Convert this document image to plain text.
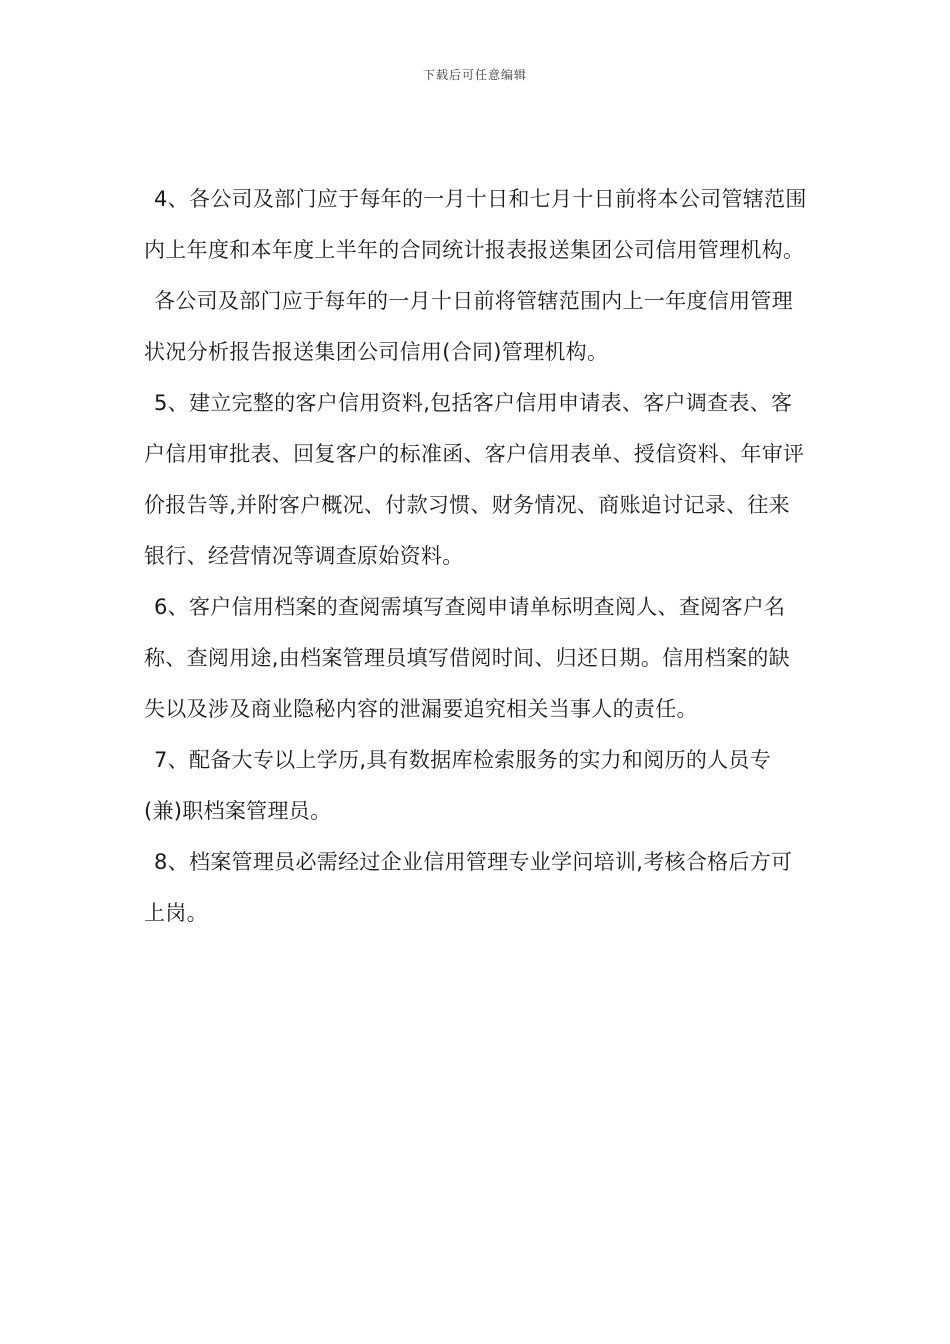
下载后可任意编辑

4、各公司及部门应于每年的一月十日和七月十日前将本公司管辖范围内上年度和本年度上半年的合同统计报表报送集团公司信用管理机构。

各公司及部门应于每年的一月十日前将管辖范围内上一年度信用管理状况分析报告报送集团公司信用(合同)管理机构。

5、建立完整的客户信用资料,包括客户信用申请表、客户调查表、客户信用审批表、回复客户的标准函、客户信用表单、授信资料、年审评价报告等,并附客户概况、付款习惯、财务情况、商账追讨记录、往来银行、经营情况等调查原始资料。

6、客户信用档案的查阅需填写查阅申请单标明查阅人、查阅客户名称、查阅用途,由档案管理员填写借阅时间、归还日期。信用档案的缺失以及涉及商业隐秘内容的泄漏要追究相关当事人的责任。

7、配备大专以上学历,具有数据库检索服务的实力和阅历的人员专(兼)职档案管理员。

8、档案管理员必需经过企业信用管理专业学问培训,考核合格后方可上岗。
